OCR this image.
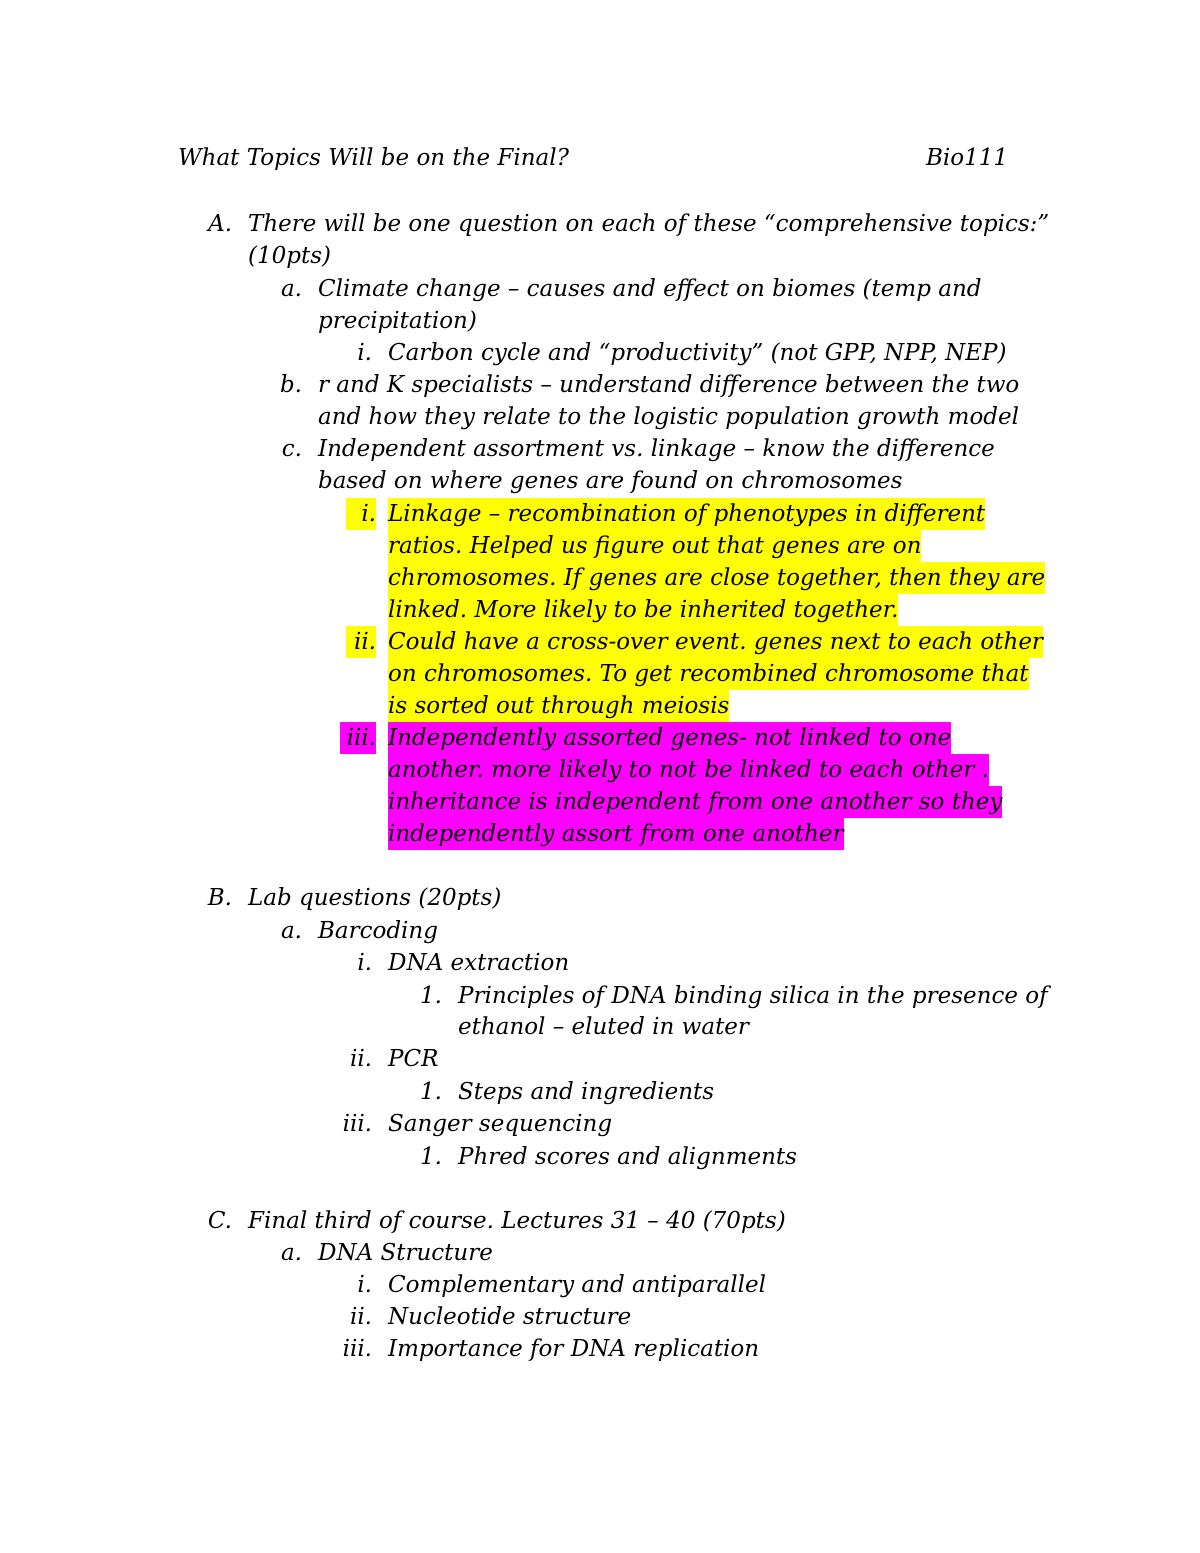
What Topics Will be on the Final?	Bio111
A. There will be one question on each of these “comprehensive topics:”
(10pts)
a. Climate change – causes and effect on biomes (temp and
precipitation)
i. Carbon cycle and “productivity” (not GPP, NPP, NEP)
b. r and K specialists – understand difference between the two
and how they relate to the logistic population growth model
c. Independent assortment vs. linkage – know the difference
based on where genes are found on chromosomes
i. Linkage – recombination of phenotypes in different
ratios. Helped us figure out that genes are on
chromosomes. If genes are close together, then they are
linked. More likely to be inherited together.
ii. Could have a cross-over event. genes next to each other
on chromosomes. To get recombined chromosome that
is sorted out through meiosis
iii. Independently assorted genes- not linked to one
another. more likely to not be linked to each other .
inheritance is independent from one another so they
independently assort from one another
B. Lab questions (20pts)
a. Barcoding
i. DNA extraction
1. Principles of DNA binding silica in the presence of
ethanol – eluted in water
ii. PCR
1. Steps and ingredients
iii. Sanger sequencing
1. Phred scores and alignments
C. Final third of course. Lectures 31 – 40 (70pts)
a. DNA Structure
i. Complementary and antiparallel
ii. Nucleotide structure
iii. Importance for DNA replication
